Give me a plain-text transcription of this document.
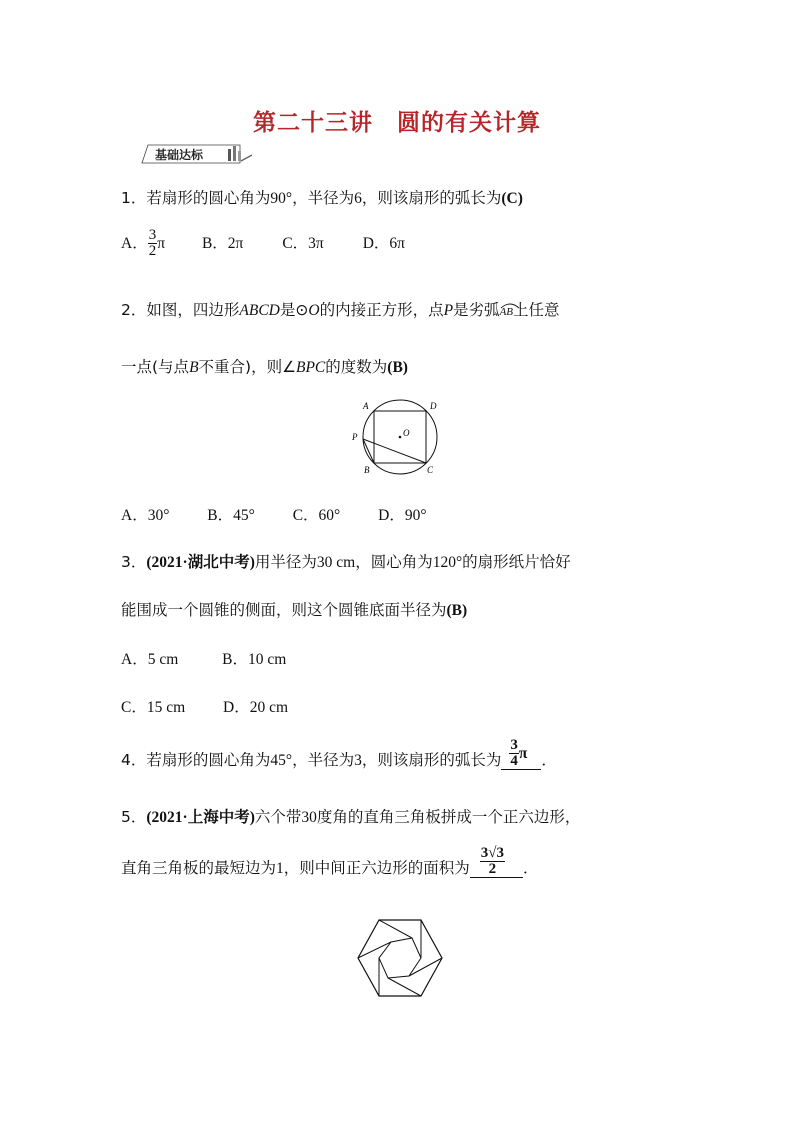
第二十三讲　圆的有关计算
基础达标
1．若扇形的圆心角为90°，半径为6，则该扇形的弧长为(C)
A． $\frac{3}{2}$ π B．2π	C．3π	D．6π
2．如图，四边形ABCD是⊙O的内接正方形，点P是劣弧
AB上任意
一点(与点B不重合)，则∠BPC的度数为(B)
A	D
O
P
B	C
A．30° B．45° C．60° D．90°
3．(2021·湖北中考)用半径为30 cm，圆心角为120°的扇形纸片恰好
能围成一个圆锥的侧面，则这个圆锥底面半径为(B)
A．5 cm	B．10 cm
C．15 cm D．20 cm
4．若扇形的圆心角为45°，半径为3，则该扇形的弧长为 $\frac{3}{4}$ π ．
5．(2021·上海中考)六个带30度角的直角三角板拼成一个正六边形，
直角三角板的最短边为1，则中间正六边形的面积为 $\frac{3√3}{2}$ ．
